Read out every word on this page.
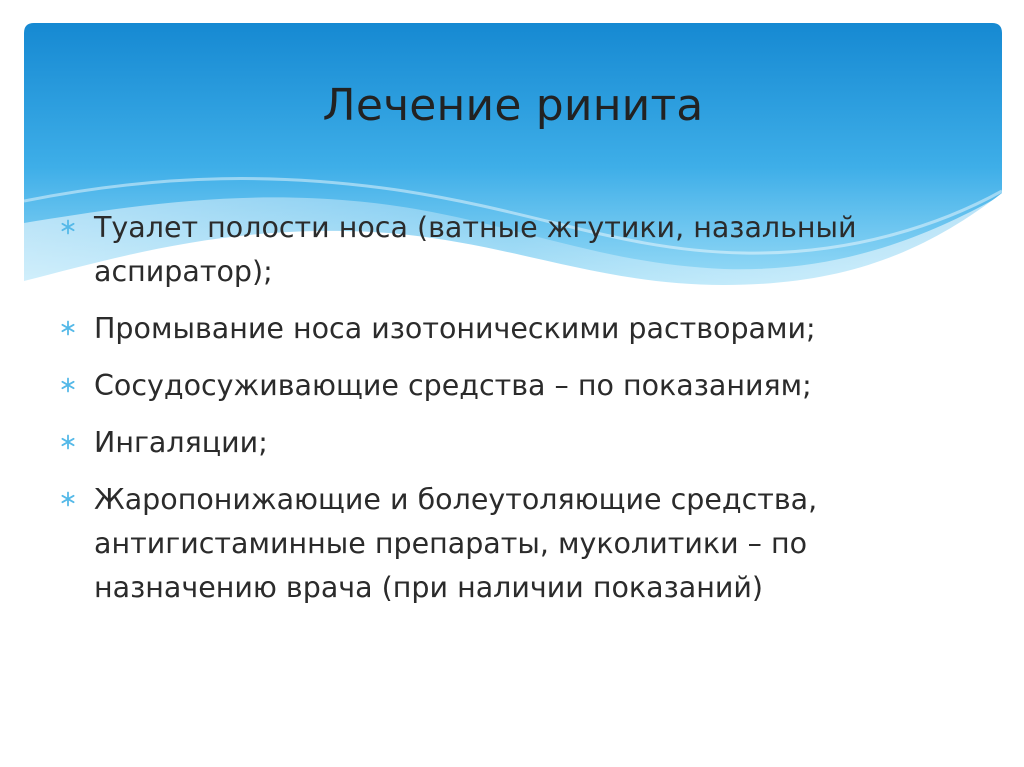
Лечение ринита
Туалет полости носа (ватные жгутики, назальный аспиратор);
Промывание носа изотоническими растворами;
Сосудосуживающие средства – по показаниям;
Ингаляции;
Жаропонижающие и болеутоляющие средства, антигистаминные препараты, муколитики – по назначению врача (при наличии показаний)
